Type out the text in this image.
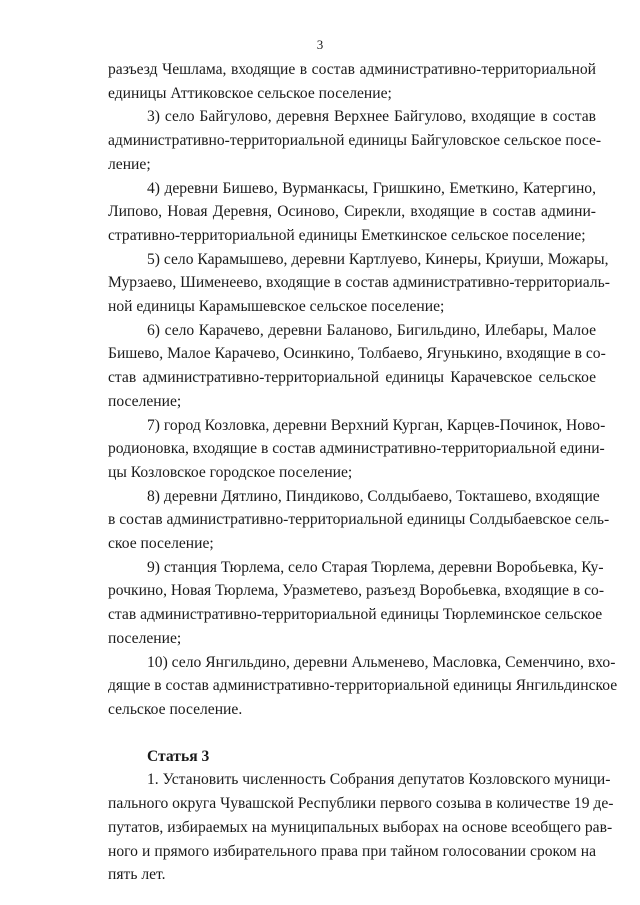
3
разъезд Чешлама, входящие в состав административно-территориальной
единицы Аттиковское сельское поселение;
3) село Байгулово, деревня Верхнее Байгулово, входящие в состав
административно-территориальной единицы Байгуловское сельское посе-
ление;
4) деревни Бишево, Вурманкасы, Гришкино, Еметкино, Катергино,
Липово, Новая Деревня, Осиново, Сирекли, входящие в состав админи-
стративно-территориальной единицы Еметкинское сельское поселение;
5) село Карамышево, деревни Картлуево, Кинеры, Криуши, Можары,
Мурзаево, Шименеево, входящие в состав административно-территориаль-
ной единицы Карамышевское сельское поселение;
6) село Карачево, деревни Баланово, Бигильдино, Илебары, Малое
Бишево, Малое Карачево, Осинкино, Толбаево, Ягунькино, входящие в со-
став административно-территориальной единицы Карачевское сельское
поселение;
7) город Козловка, деревни Верхний Курган, Карцев-Починок, Ново-
родионовка, входящие в состав административно-территориальной едини-
цы Козловское городское поселение;
8) деревни Дятлино, Пиндиково, Солдыбаево, Токташево, входящие
в состав административно-территориальной единицы Солдыбаевское сель-
ское поселение;
9) станция Тюрлема, село Старая Тюрлема, деревни Воробьевка, Ку-
рочкино, Новая Тюрлема, Уразметево, разъезд Воробьевка, входящие в со-
став административно-территориальной единицы Тюрлеминское сельское
поселение;
10) село Янгильдино, деревни Альменево, Масловка, Семенчино, вхо-
дящие в состав административно-территориальной единицы Янгильдинское
сельское поселение.
Статья 3
1. Установить численность Собрания депутатов Козловского муници-
пального округа Чувашской Республики первого созыва в количестве 19 де-
путатов, избираемых на муниципальных выборах на основе всеобщего рав-
ного и прямого избирательного права при тайном голосовании сроком на
пять лет.
